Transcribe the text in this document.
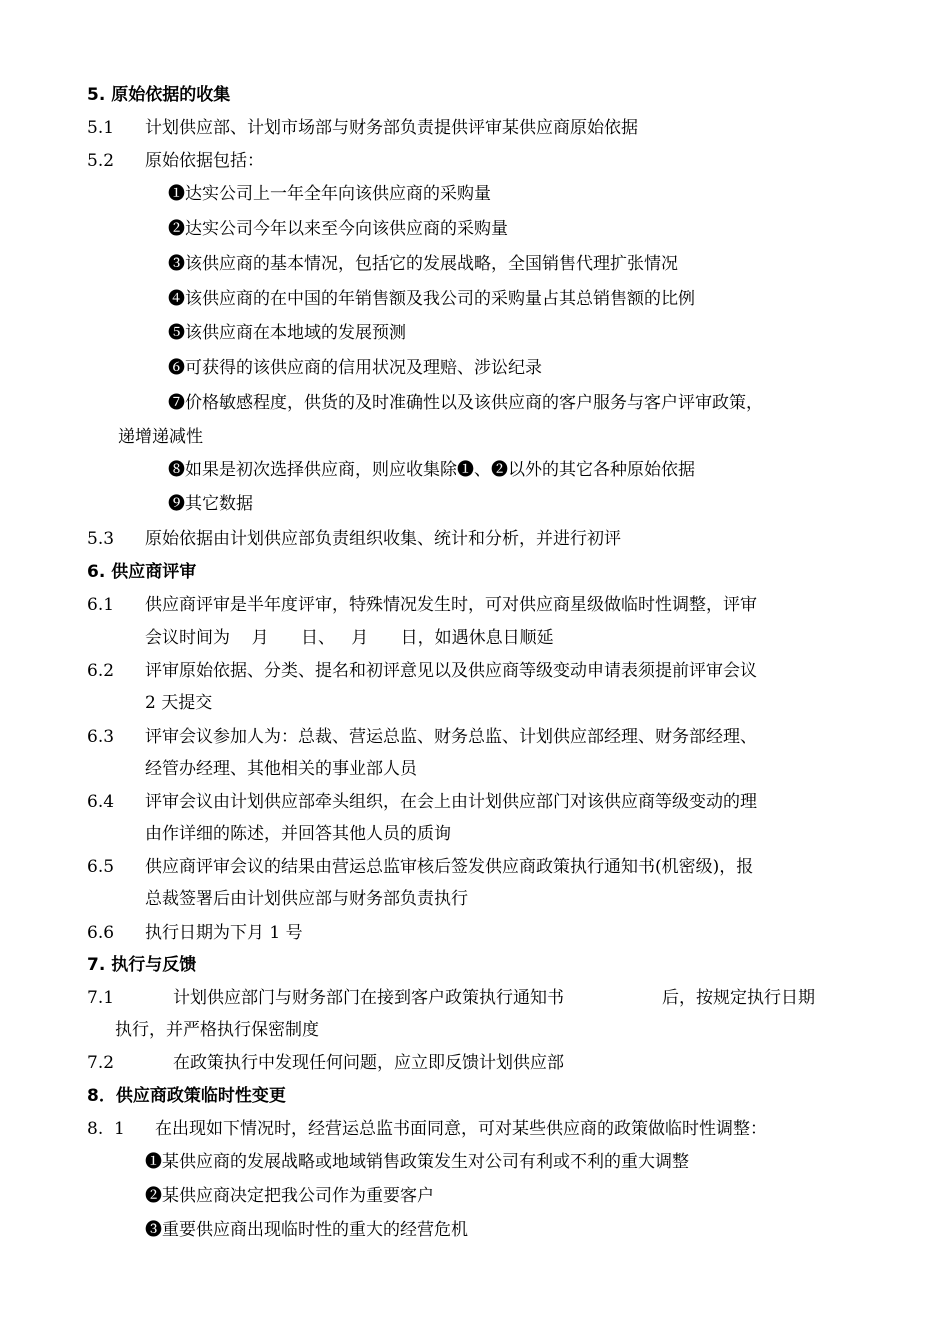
5. 原始依据的收集
5.1 计划供应部、计划市场部与财务部负责提供评审某供应商原始依据
5.2 原始依据包括：
❶达实公司上一年全年向该供应商的采购量
❷达实公司今年以来至今向该供应商的采购量
❸该供应商的基本情况，包括它的发展战略，全国销售代理扩张情况
❹该供应商的在中国的年销售额及我公司的采购量占其总销售额的比例
❺该供应商在本地域的发展预测
❻可获得的该供应商的信用状况及理赔、涉讼纪录
❼价格敏感程度，供货的及时准确性以及该供应商的客户服务与客户评审政策，
递增递减性
❽如果是初次选择供应商，则应收集除❶、❷以外的其它各种原始依据
❾其它数据
5.3 原始依据由计划供应部负责组织收集、统计和分析，并进行初评
6. 供应商评审
6.1 供应商评审是半年度评审，特殊情况发生时，可对供应商星级做临时性调整，评审
会议时间为    月      日、   月      日，如遇休息日顺延
6.2 评审原始依据、分类、提名和初评意见以及供应商等级变动申请表须提前评审会议
2 天提交
6.3 评审会议参加人为：总裁、营运总监、财务总监、计划供应部经理、财务部经理、
经管办经理、其他相关的事业部人员
6.4 评审会议由计划供应部牵头组织，在会上由计划供应部门对该供应商等级变动的理
由作详细的陈述，并回答其他人员的质询
6.5 供应商评审会议的结果由营运总监审核后签发供应商政策执行通知书(机密级)，报
总裁签署后由计划供应部与财务部负责执行
6.6 执行日期为下月 1 号
7. 执行与反馈
7.1	计划供应部门与财务部门在接到客户政策执行通知书	后，按规定执行日期
执行，并严格执行保密制度
7.2	在政策执行中发现任何问题，应立即反馈计划供应部
8．供应商政策临时性变更
8.  1 在出现如下情况时，经营运总监书面同意，可对某些供应商的政策做临时性调整：
❶某供应商的发展战略或地域销售政策发生对公司有利或不利的重大调整
❷某供应商决定把我公司作为重要客户
❸重要供应商出现临时性的重大的经营危机
